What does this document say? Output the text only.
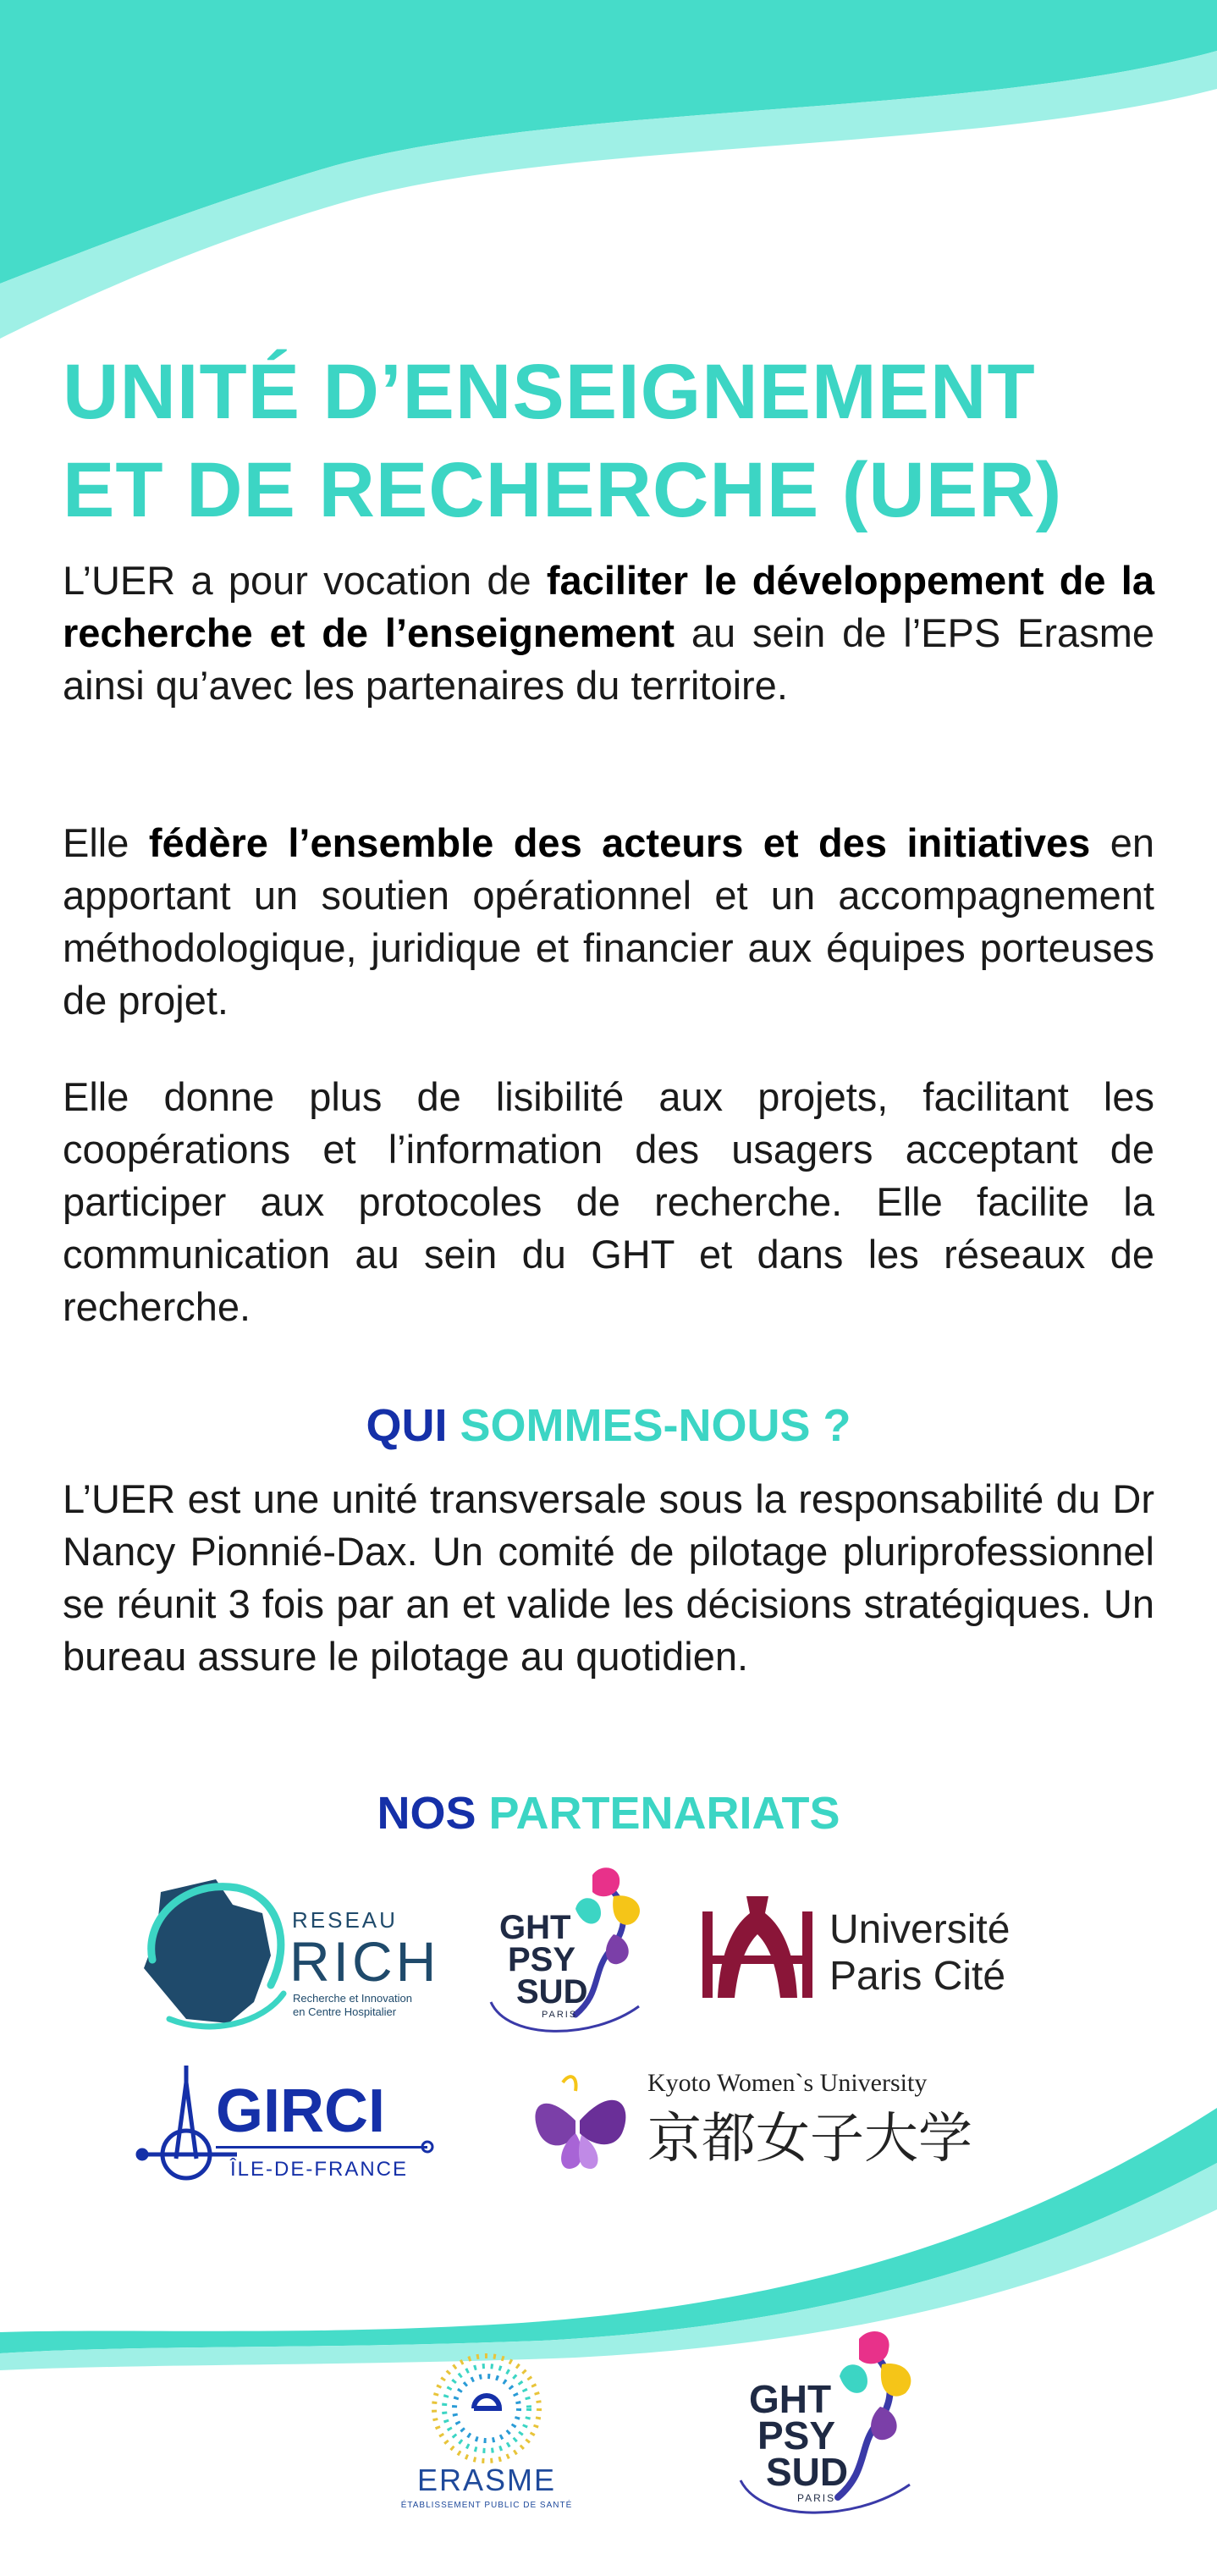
UNITÉ D’ENSEIGNEMENT
ET DE RECHERCHE (UER)

L’UER a pour vocation de faciliter le développement de la recherche et de l’enseignement au sein de l’EPS Erasme ainsi qu’avec les partenaires du territoire.

Elle fédère l’ensemble des acteurs et des initiatives en apportant un soutien opérationnel et un accompagnement méthodologique, juridique et financier aux équipes porteuses de projet.

Elle donne plus de lisibilité aux projets, facilitant les coopérations et l’information des usagers acceptant de participer aux protocoles de recherche. Elle facilite la communication au sein du GHT et dans les réseaux de recherche.

QUI SOMMES-NOUS ?

L’UER est une unité transversale sous la responsabilité du Dr Nancy Pionnié-Dax. Un comité de pilotage pluriprofessionnel se réunit 3 fois par an et valide les décisions stratégiques. Un bureau assure le pilotage au quotidien.

NOS PARTENARIATS
RESEAU
RICH
Recherche et Innovation
en Centre Hospitalier
GHT
PSY
SUD
PARIS
Université
Paris Cité
GIRCI
ÎLE-DE-FRANCE
Kyoto Women`s University
京都女子大学
ERASME
ÉTABLISSEMENT PUBLIC DE SANTÉ
GHT
PSY
SUD
PARIS
